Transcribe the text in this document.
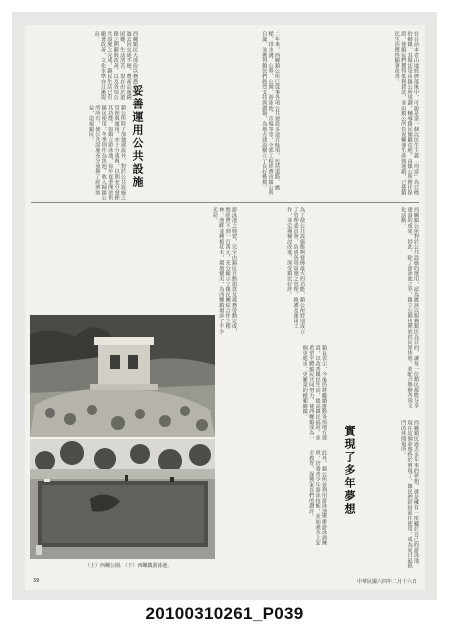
在目前本省山地經濟落後中，可說是第一個以民生主義「均富」為目標的鄉鎮。其做法是由鎮公所規劃，輔導鎮民開闢荒地，由鎮公所擔任保證，使鎮民們獲得低利貸款，並由鎮公所負責輔導生產與運銷，已使鎮民生活獲得顯著改善。
二年來，西螺鎮公所已從事各項公共建設多達百餘項，包括道路、橋樑、排水溝、公墓、公園、游泳池、市場等等，全部工程經費由鎮公所自籌，並獲得鎮民們熱烈支持與讚揚，為地方建設樹立了良好楷模。
西螺鎮民大部份以務農為生，過去因交通不便，農產品運銷困難，生活清苦。現在由於道路之開闢與改善，以及各項公共設施之完成，鎮民生活已有顯著改善，文化水準亦日漸提高。
妥善運用公共設施
鎮公所除了加強建設外，對於公共設施之管理與運用，亦十分重視，以期充分發揮其功能。如鎮立游泳池，每年夏季開放供鎮民使用，冬季則作為魚池，收入歸鎮公所所有，使公共設施充分發揮了經濟效益，造福鎮民。
西螺鎮公所對於公共設施的運用，認為應該以服務鎮民為目的，讓每一位鎮民都能分享建設的成果。因此，除了游泳池之外，鎮立公園也開放供民眾休憩，並配合舉辦各項文化活動。
為了使公共設施能夠發揮最大的功能，鎮公所特別成立了管理委員會，負責各項設施之管理、維護及運用工作，並定期檢討改進，深受鎮民好評。
游泳池之興建，完全由鎮民自動捐款及義務勞動完成，總經費不到一百萬元，充分顯示了鎮民團結合作之精神。池畔並種植花木，環境優美，為西螺鎮增添了不少光彩。
實現了多年夢想	西螺鎮民過去多年來的夢想，就是擁有一座屬於自己的游泳池。現在這個夢想終於實現了，鎮民們紛紛前往使用，成為夏日最熱門的休閒場所。
鎮長表示，今後仍將繼續推動各項地方建設，以改善鎮民生活，提高鎮民福祉，並希望全體鎮民共同努力，使西螺鎮成為一個更進步、更繁榮的模範鄉鎮。
此外，鎮公所並利用游泳池舉辦游泳訓練班，培養青少年游泳技能，並加強水上安全教育，深獲家長們的讚許。
（上）西螺公園．（下）西螺鎮游泳池．
39	中華民國六四年二月十六日
20100310261_P039
